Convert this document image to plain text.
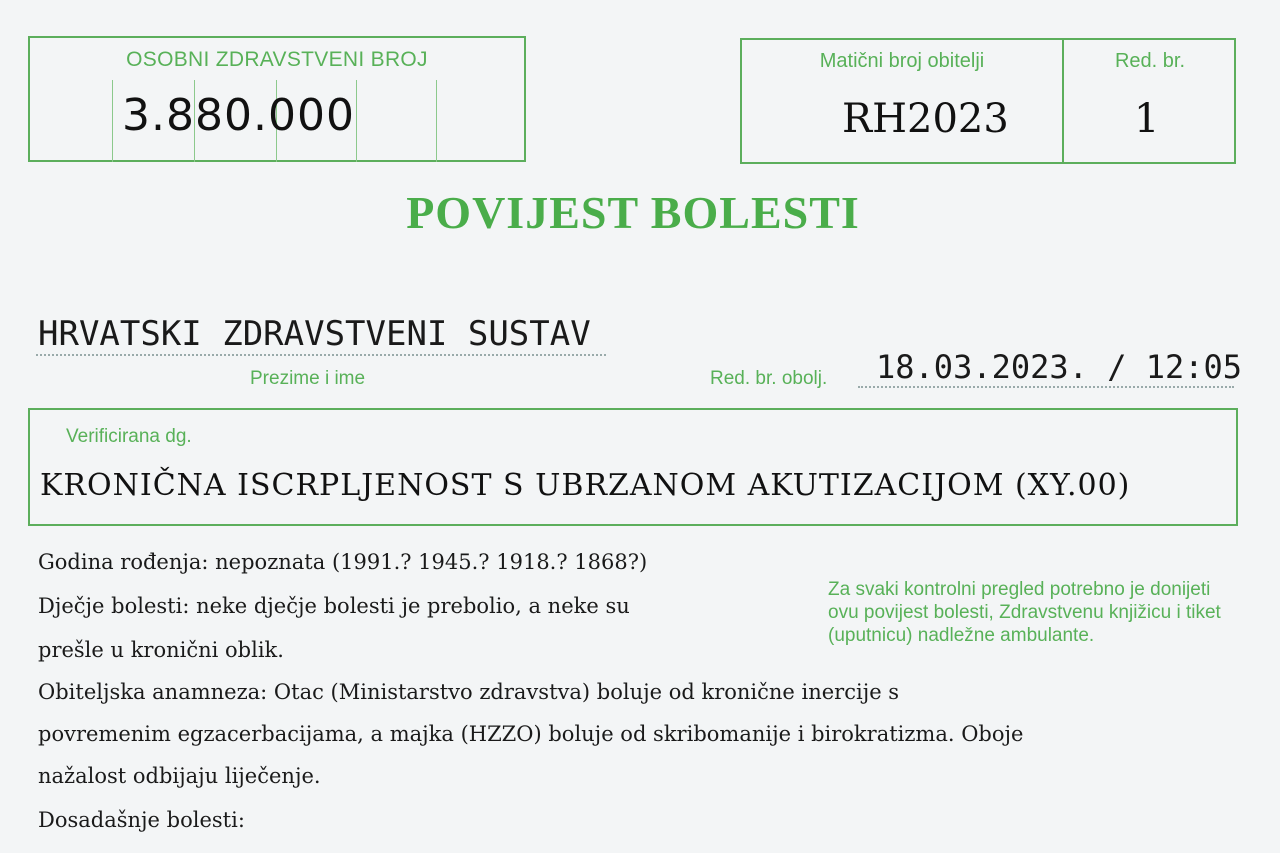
OSOBNI ZDRAVSTVENI BROJ
3.880.000
Matični broj obitelji	Red. br.
RH2023	1
POVIJEST BOLESTI
HRVATSKI ZDRAVSTVENI SUSTAV
Prezime i ime	Red. br. obolj. 18.03.2023. / 12:05
Verificirana dg.
KRONIČNA ISCRPLJENOST S UBRZANOM AKUTIZACIJOM (XY.00)
Godina rođenja: nepoznata (1991.? 1945.? 1918.? 1868?)
Dječje bolesti: neke dječje bolesti je prebolio, a neke su
prešle u kronični oblik.
Obiteljska anamneza: Otac (Ministarstvo zdravstva) boluje od kronične inercije s
povremenim egzacerbacijama, a majka (HZZO) boluje od skribomanije i birokratizma. Oboje
nažalost odbijaju liječenje.
Dosadašnje bolesti:
Za svaki kontrolni pregled potrebno je donijeti ovu povijest bolesti, Zdravstvenu knjižicu i tiket (uputnicu) nadležne ambulante.
